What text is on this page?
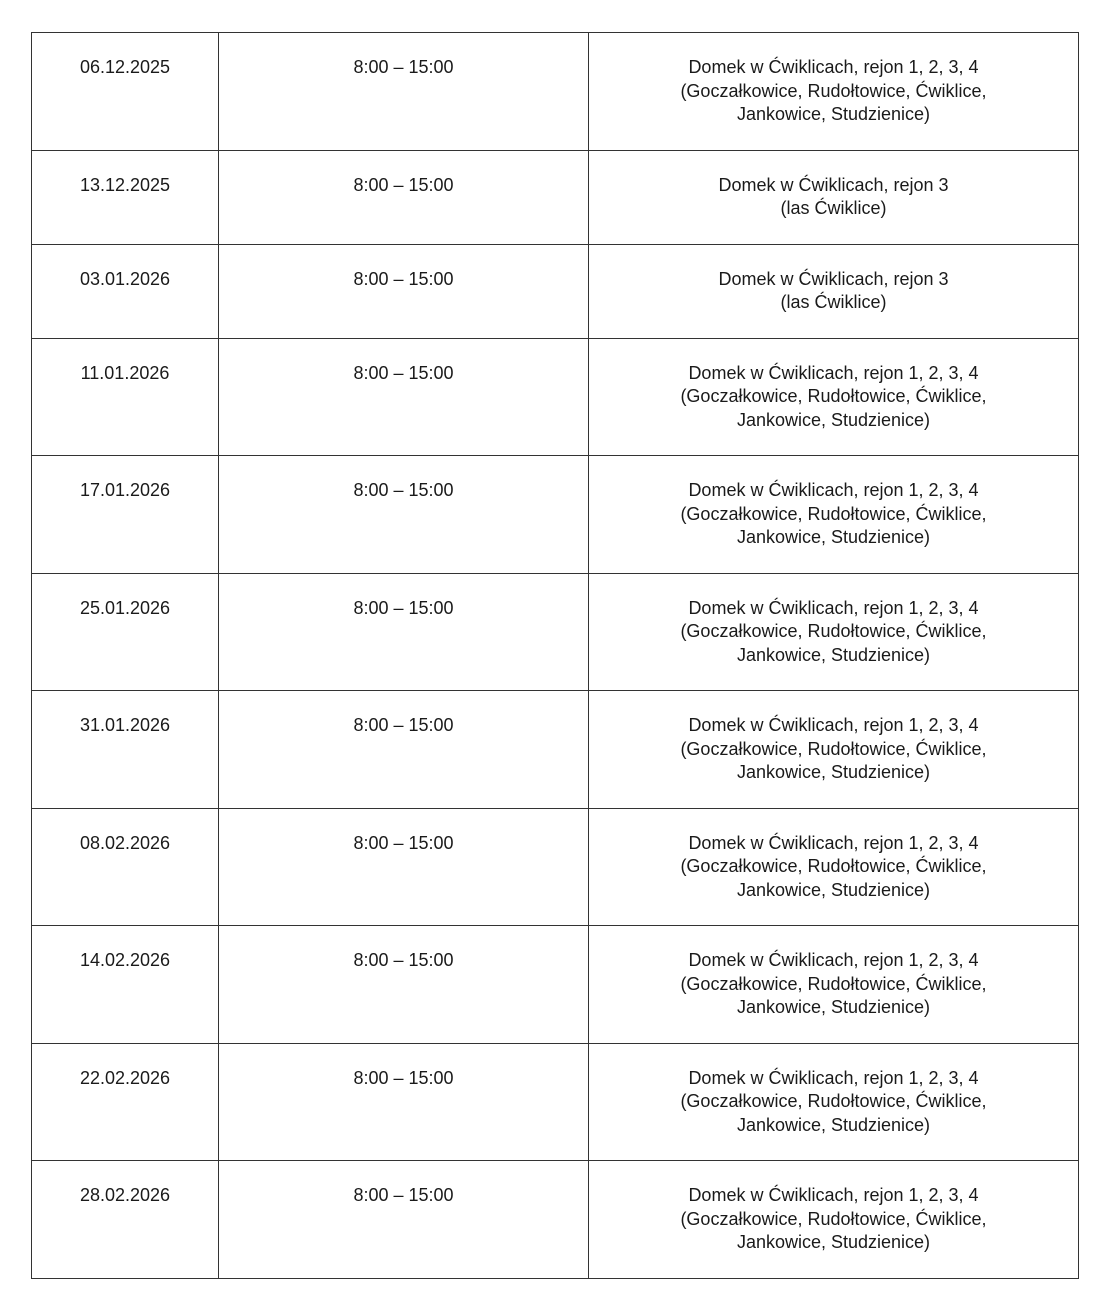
06.12.2025	8:00 – 15:00	Domek w Ćwiklicach, rejon 1, 2, 3, 4
(Goczałkowice, Rudołtowice, Ćwiklice,
Jankowice, Studzienice)

13.12.2025	8:00 – 15:00	Domek w Ćwiklicach, rejon 3
(las Ćwiklice)

03.01.2026	8:00 – 15:00	Domek w Ćwiklicach, rejon 3
(las Ćwiklice)

11.01.2026	8:00 – 15:00	Domek w Ćwiklicach, rejon 1, 2, 3, 4
(Goczałkowice, Rudołtowice, Ćwiklice,
Jankowice, Studzienice)

17.01.2026	8:00 – 15:00	Domek w Ćwiklicach, rejon 1, 2, 3, 4
(Goczałkowice, Rudołtowice, Ćwiklice,
Jankowice, Studzienice)

25.01.2026	8:00 – 15:00	Domek w Ćwiklicach, rejon 1, 2, 3, 4
(Goczałkowice, Rudołtowice, Ćwiklice,
Jankowice, Studzienice)

31.01.2026	8:00 – 15:00	Domek w Ćwiklicach, rejon 1, 2, 3, 4
(Goczałkowice, Rudołtowice, Ćwiklice,
Jankowice, Studzienice)

08.02.2026	8:00 – 15:00	Domek w Ćwiklicach, rejon 1, 2, 3, 4
(Goczałkowice, Rudołtowice, Ćwiklice,
Jankowice, Studzienice)

14.02.2026	8:00 – 15:00	Domek w Ćwiklicach, rejon 1, 2, 3, 4
(Goczałkowice, Rudołtowice, Ćwiklice,
Jankowice, Studzienice)

22.02.2026	8:00 – 15:00	Domek w Ćwiklicach, rejon 1, 2, 3, 4
(Goczałkowice, Rudołtowice, Ćwiklice,
Jankowice, Studzienice)

28.02.2026	8:00 – 15:00	Domek w Ćwiklicach, rejon 1, 2, 3, 4
(Goczałkowice, Rudołtowice, Ćwiklice,
Jankowice, Studzienice)
